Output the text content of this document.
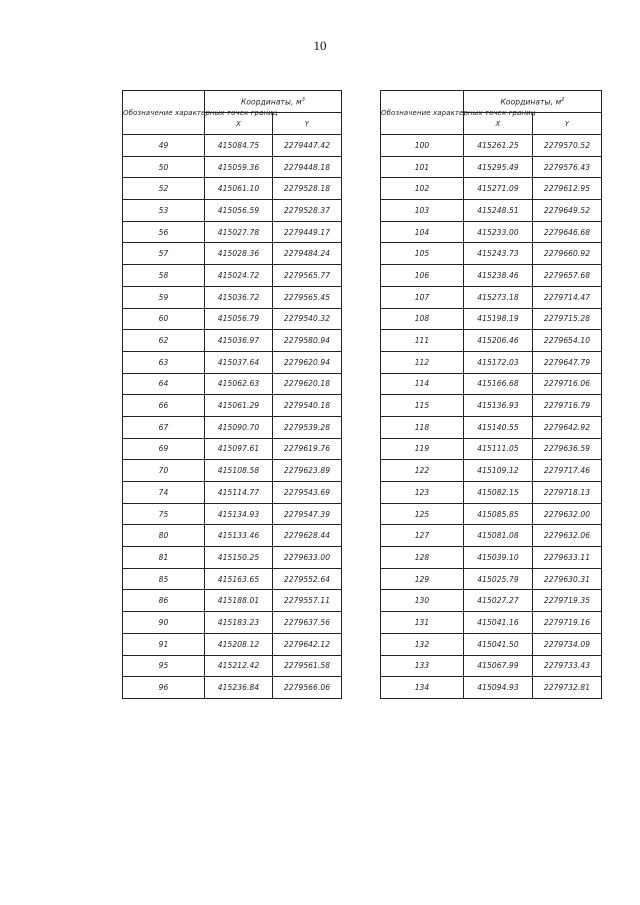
10
Обозначение характерных точек границ	Координаты, $м^3$
	X	Y
49	415084.75	2279447.42
50	415059.36	2279448.18
52	415061.10	2279528.18
53	415056.59	2279528.37
56	415027.78	2279449.17
57	415028.36	2279484.24
58	415024.72	2279565.77
59	415036.72	2279565.45
60	415056.79	2279540.32
62	415036.97	2279580.94
63	415037.64	2279620.94
64	415062.63	2279620.18
66	415061.29	2279540.18
67	415090.70	2279539.28
69	415097.61	2279619.76
70	415108.58	2279623.89
74	415114.77	2279543.69
75	415134.93	2279547.39
80	415133.46	2279628.44
81	415150.25	2279633.00
85	415163.65	2279552.64
86	415188.01	2279557.11
90	415183.23	2279637.56
91	415208.12	2279642.12
95	415212.42	2279561.58
96	415236.84	2279566.06
Обозначение характерных точек границ	Координаты, $м^2$
	X	Y
100	415261.25	2279570.52
101	415295.49	2279576.43
102	415271.09	2279612.95
103	415248.51	2279649.52
104	415233.00	2279646.68
105	415243.73	2279660.92
106	415238.46	2279657.68
107	415273.18	2279714.47
108	415198.19	2279715.28
111	415206.46	2279654.10
112	415172.03	2279647.79
114	415166.68	2279716.06
115	415136.93	2279716.79
118	415140.55	2279642.92
119	415111.05	2279636.59
122	415109.12	2279717.46
123	415082.15	2279718.13
125	415085.85	2279632.00
127	415081.08	2279632.06
128	415039.10	2279633.11
129	415025.79	2279630.31
130	415027.27	2279719.35
131	415041.16	2279719.16
132	415041.50	2279734.09
133	415067.99	2279733.43
134	415094.93	2279732.81
